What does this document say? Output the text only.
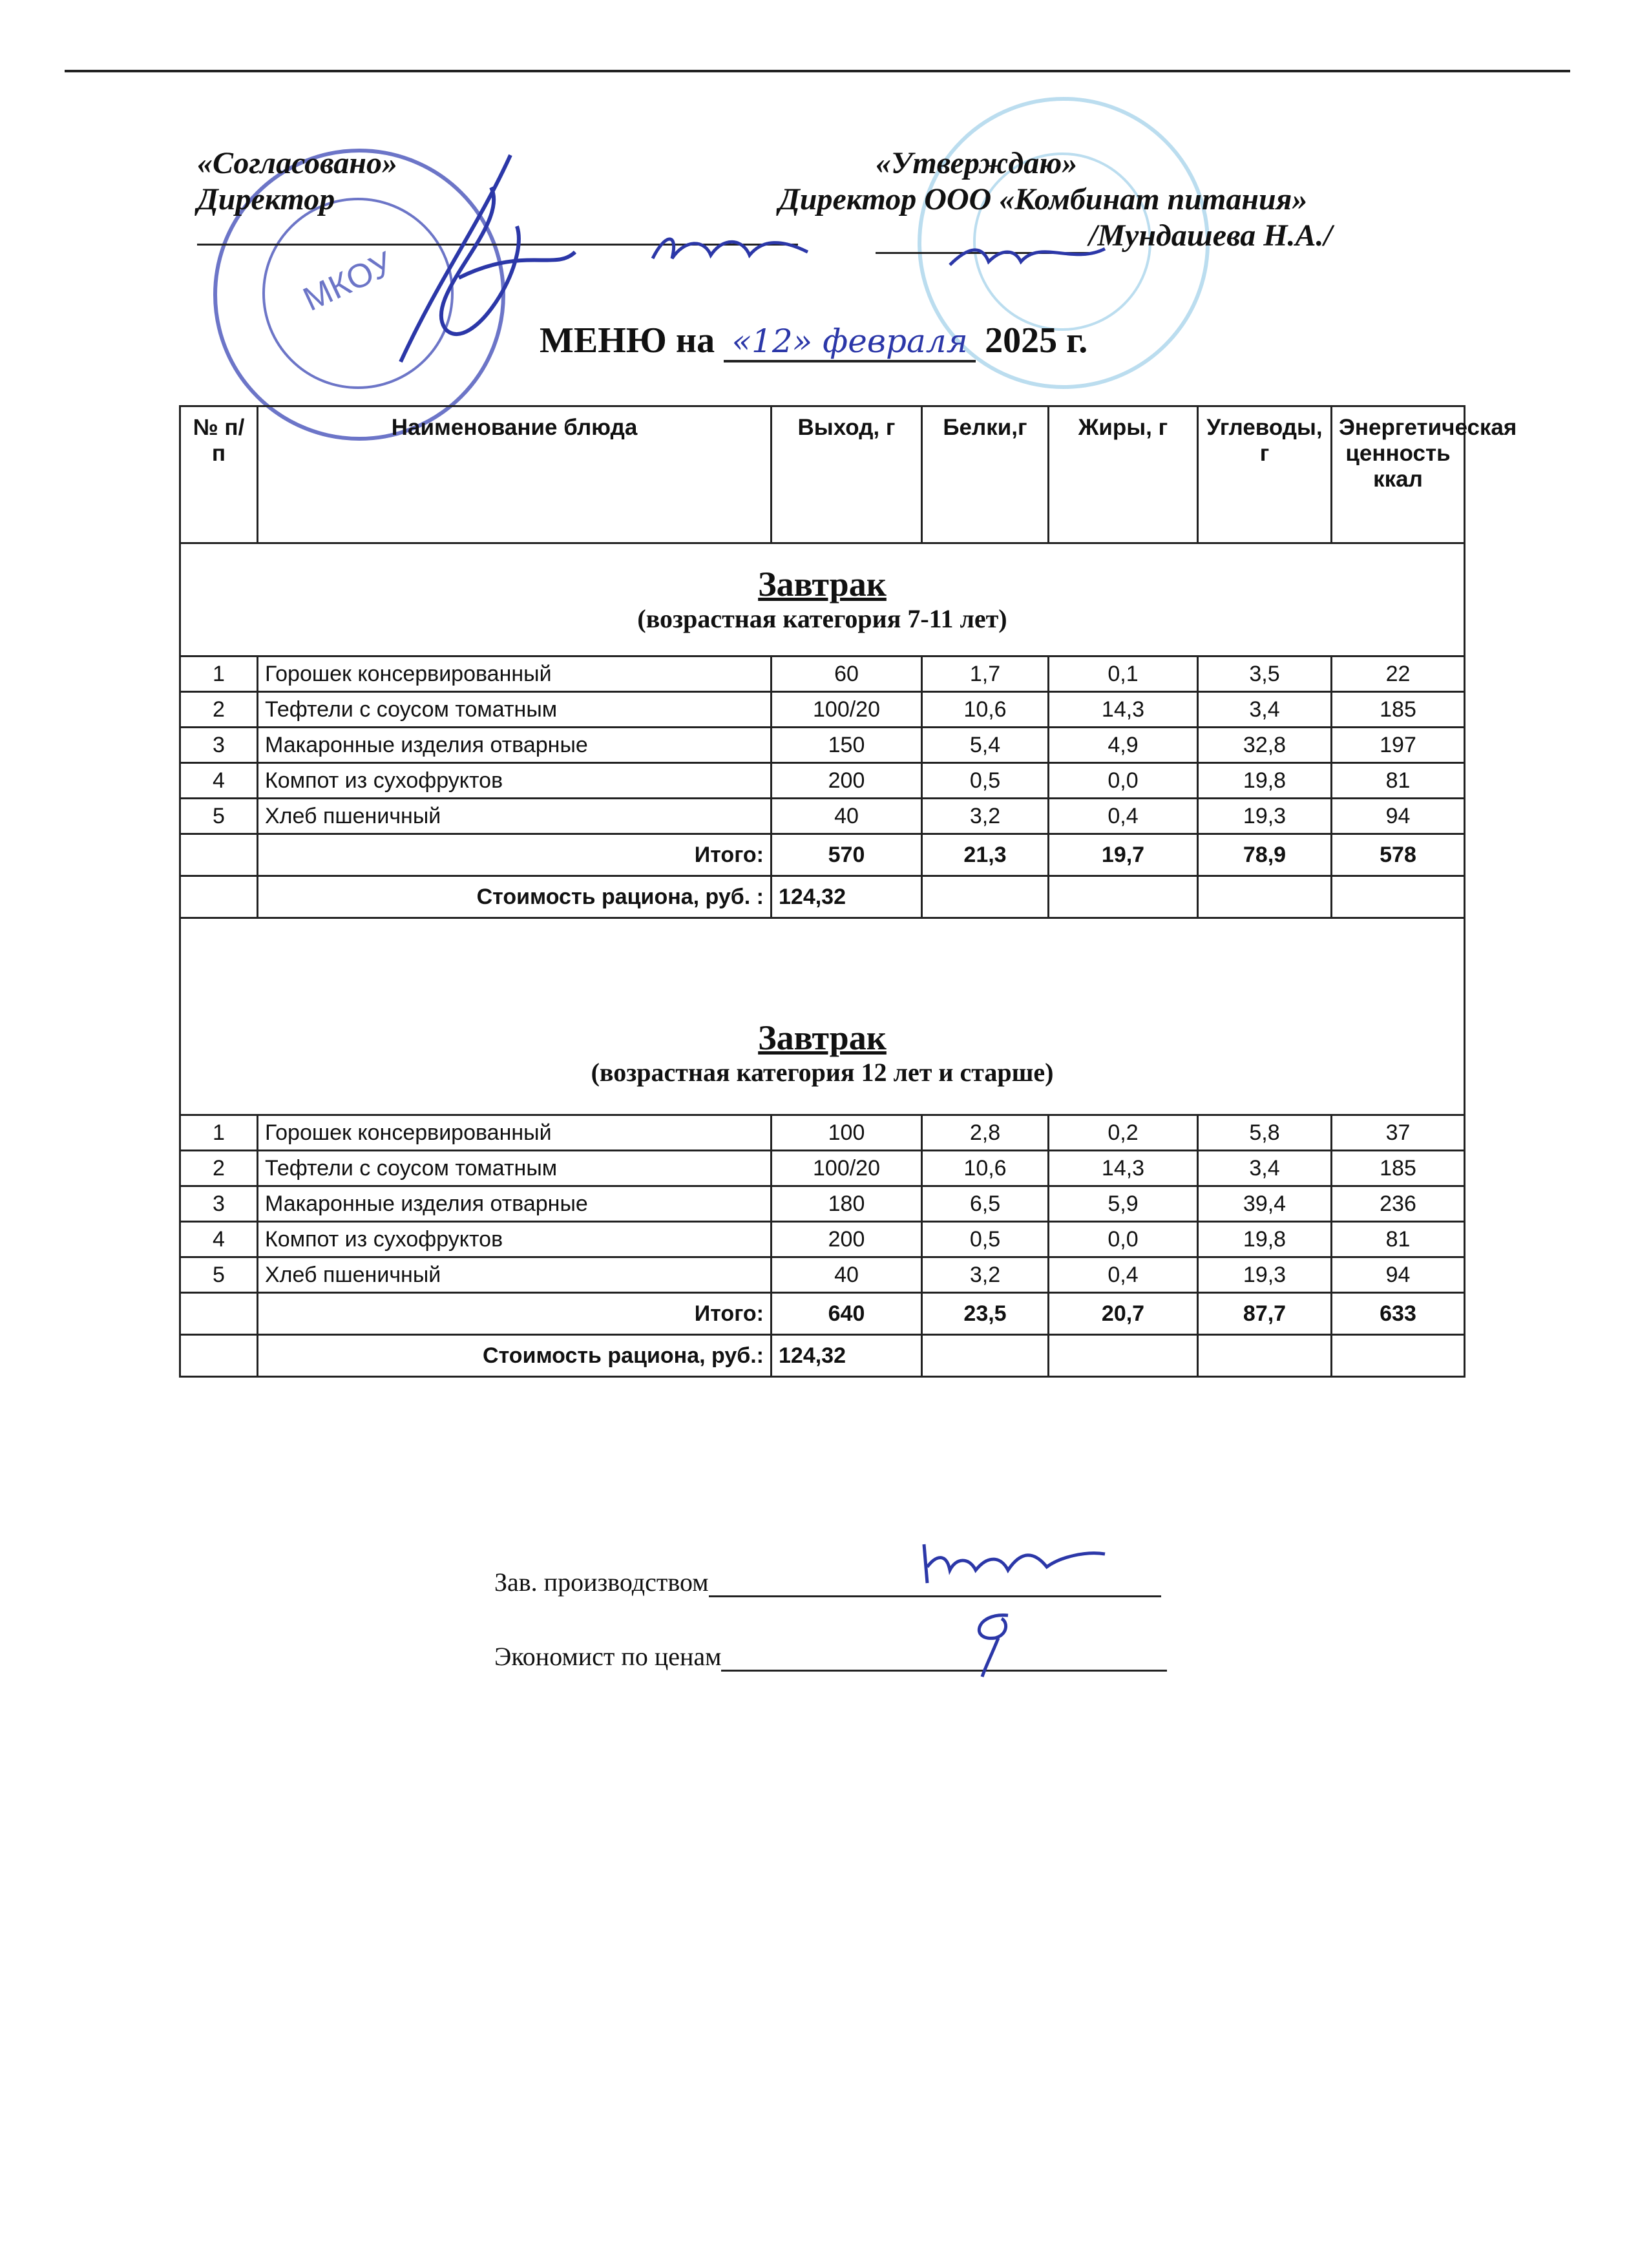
МКОУ
«Согласовано»
Директор
«Утверждаю»
Директор ООО «Комбинат питания»
/Мундашева Н.А./
МЕНЮ на «12» февраля 2025 г.
№ п/п	Наименование блюда	Выход, г	Белки,г	Жиры, г	Углеводы, г	Энергетическая ценность ккал

Завтрак
(возрастная категория 7-11 лет)						

1	Горошек консервированный	60	1,7	0,1	3,5	22
2	Тефтели с соусом томатным	100/20	10,6	14,3	3,4	185
3	Макаронные изделия отварные	150	5,4	4,9	32,8	197
4	Компот из сухофруктов	200	0,5	0,0	19,8	81
5	Хлеб пшеничный	40	3,2	0,4	19,3	94
	Итого:	570	21,3	19,7	78,9	578
	Стоимость рациона, руб. :	124,32				

Завтрак
(возрастная категория 12 лет и старше)						

1	Горошек консервированный	100	2,8	0,2	5,8	37
2	Тефтели с соусом томатным	100/20	10,6	14,3	3,4	185
3	Макаронные изделия отварные	180	6,5	5,9	39,4	236
4	Компот из сухофруктов	200	0,5	0,0	19,8	81
5	Хлеб пшеничный	40	3,2	0,4	19,3	94
	Итого:	640	23,5	20,7	87,7	633
	Стоимость рациона, руб.:	124,32				
Зав. производством
Экономист по ценам
